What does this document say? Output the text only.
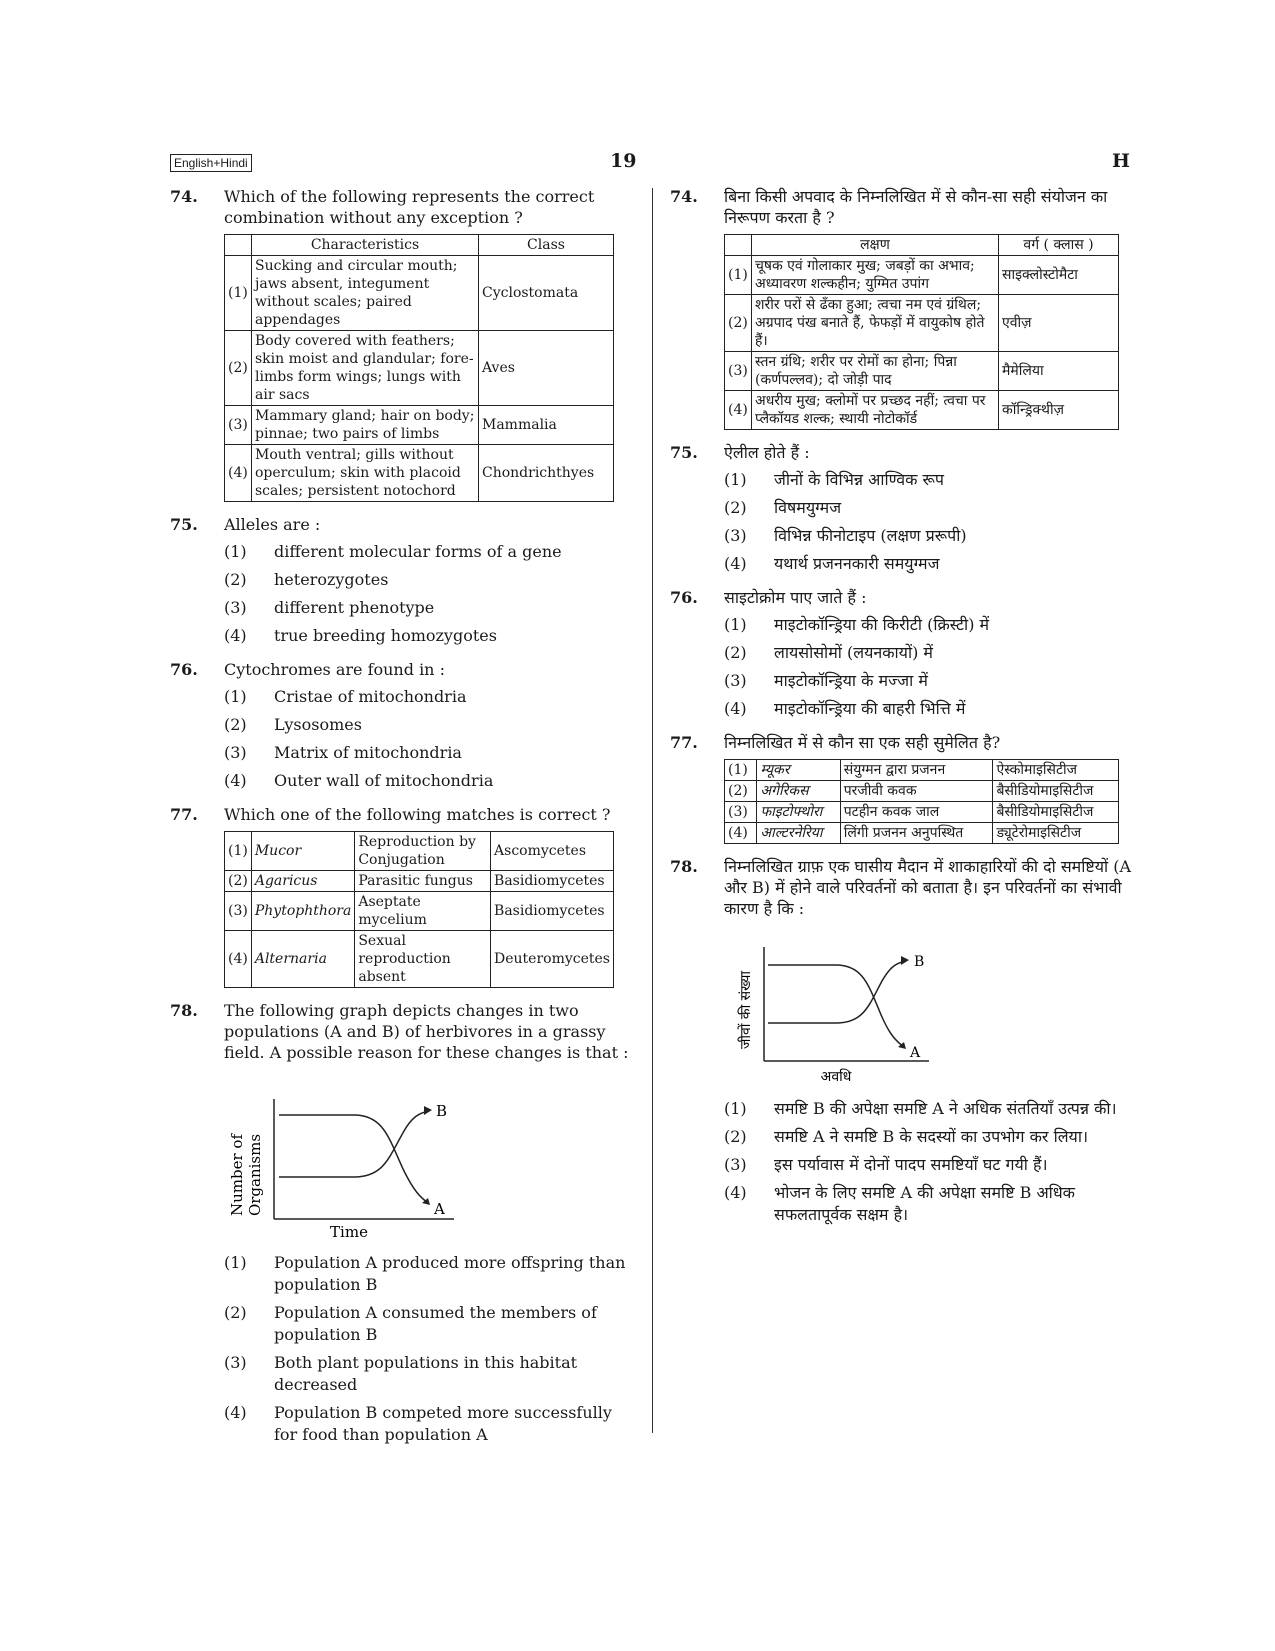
English+Hindi	19	H
74. Which of the following represents the correct combination without any exception ?
	Characteristics	Class
(1)	Sucking and circular mouth; jaws absent, integument without scales; paired appendages	Cyclostomata
(2)	Body covered with feathers; skin moist and glandular; fore-limbs form wings; lungs with air sacs	Aves
(3)	Mammary gland; hair on body; pinnae; two pairs of limbs	Mammalia
(4)	Mouth ventral; gills without operculum; skin with placoid scales; persistent notochord	Chondrichthyes
75. Alleles are :
(1) different molecular forms of a gene
(2) heterozygotes
(3) different phenotype
(4) true breeding homozygotes
76. Cytochromes are found in :
(1) Cristae of mitochondria
(2) Lysosomes
(3) Matrix of mitochondria
(4) Outer wall of mitochondria
77. Which one of the following matches is correct ?
(1)	Mucor	Reproduction by Conjugation	Ascomycetes
(2)	Agaricus	Parasitic fungus	Basidiomycetes
(3)	Phytophthora	Aseptate mycelium	Basidiomycetes
(4)	Alternaria	Sexual reproduction absent	Deuteromycetes
78. The following graph depicts changes in two populations (A and B) of herbivores in a grassy field. A possible reason for these changes is that :
Number of Organisms
B
A
Time
(1) Population A produced more offspring than population B
(2) Population A consumed the members of population B
(3) Both plant populations in this habitat decreased
(4) Population B competed more successfully for food than population A
74. बिना किसी अपवाद के निम्नलिखित में से कौन-सा सही संयोजन का निरूपण करता है ?
	लक्षण	वर्ग ( क्लास )
(1)	चूषक एवं गोलाकार मुख; जबड़ों का अभाव; अध्यावरण शल्कहीन; युग्मित उपांग	साइक्लोस्टोमैटा
(2)	शरीर परों से ढँका हुआ; त्वचा नम एवं ग्रंथिल; अग्रपाद पंख बनाते हैं, फेफड़ों में वायुकोष होते हैं।	एवीज़
(3)	स्तन ग्रंथि; शरीर पर रोमों का होना; पिन्ना (कर्णपल्लव); दो जोड़ी पाद	मैमेलिया
(4)	अधरीय मुख; क्लोमों पर प्रच्छद नहीं; त्वचा पर प्लैकॉयड शल्क; स्थायी नोटोकॉर्ड	कॉन्ड्रिक्थीज़
75. ऐलील होते हैं :
(1) जीनों के विभिन्न आण्विक रूप
(2) विषमयुग्मज
(3) विभिन्न फीनोटाइप (लक्षण प्ररूपी)
(4) यथार्थ प्रजननकारी समयुग्मज
76. साइटोक्रोम पाए जाते हैं :
(1) माइटोकॉन्ड्रिया की किरीटी (क्रिस्टी) में
(2) लायसोसोमों (लयनकायों) में
(3) माइटोकॉन्ड्रिया के मज्जा में
(4) माइटोकॉन्ड्रिया की बाहरी भित्ति में
77. निम्नलिखित में से कौन सा एक सही सुमेलित है?
(1)	म्यूकर	संयुग्मन द्वारा प्रजनन	ऐस्कोमाइसिटीज
(2)	अगेरिकस	परजीवी कवक	बैसीडियोमाइसिटीज
(3)	फाइटोफ्थोरा	पटहीन कवक जाल	बैसीडियोमाइसिटीज
(4)	आल्टरनेरिया	लिंगी प्रजनन अनुपस्थित	ड्यूटेरोमाइसिटीज
78. निम्नलिखित ग्राफ़ एक घासीय मैदान में शाकाहारियों की दो समष्टियों (A और B) में होने वाले परिवर्तनों को बताता है। इन परिवर्तनों का संभावी कारण है कि :
जीवों की संख्या
B
A
अवधि
(1) समष्टि B की अपेक्षा समष्टि A ने अधिक संततियाँ उत्पन्न की।
(2) समष्टि A ने समष्टि B के सदस्यों का उपभोग कर लिया।
(3) इस पर्यावास में दोनों पादप समष्टियाँ घट गयी हैं।
(4) भोजन के लिए समष्टि A की अपेक्षा समष्टि B अधिक सफलतापूर्वक सक्षम है।
